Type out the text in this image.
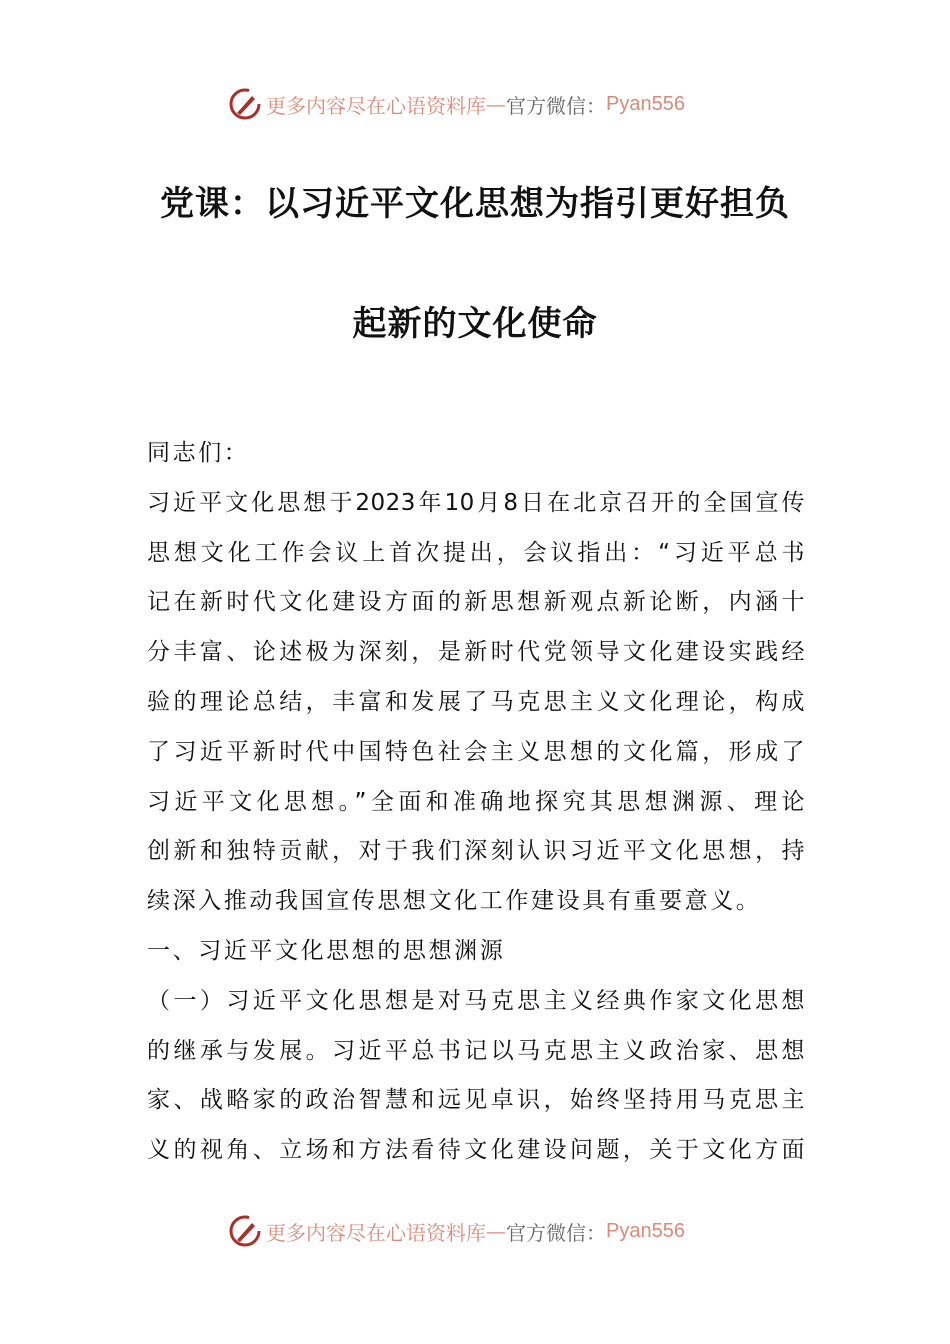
更多内容尽在心语资料库 — 官方微信： Pyan556
党课：以习近平文化思想为指引更好担负
起新的文化使命
同志们：
习近平文化思想于2023年10月8日在北京召开的全国宣传
思想文化工作会议上首次提出，会议指出：“习近平总书
记在新时代文化建设方面的新思想新观点新论断，内涵十
分丰富、论述极为深刻，是新时代党领导文化建设实践经
验的理论总结，丰富和发展了马克思主义文化理论，构成
了习近平新时代中国特色社会主义思想的文化篇，形成了
习近平文化思想。”全面和准确地探究其思想渊源、理论
创新和独特贡献，对于我们深刻认识习近平文化思想，持
续深入推动我国宣传思想文化工作建设具有重要意义。
一、习近平文化思想的思想渊源
（一）习近平文化思想是对马克思主义经典作家文化思想
的继承与发展。习近平总书记以马克思主义政治家、思想
家、战略家的政治智慧和远见卓识，始终坚持用马克思主
义的视角、立场和方法看待文化建设问题，关于文化方面
更多内容尽在心语资料库 — 官方微信： Pyan556
